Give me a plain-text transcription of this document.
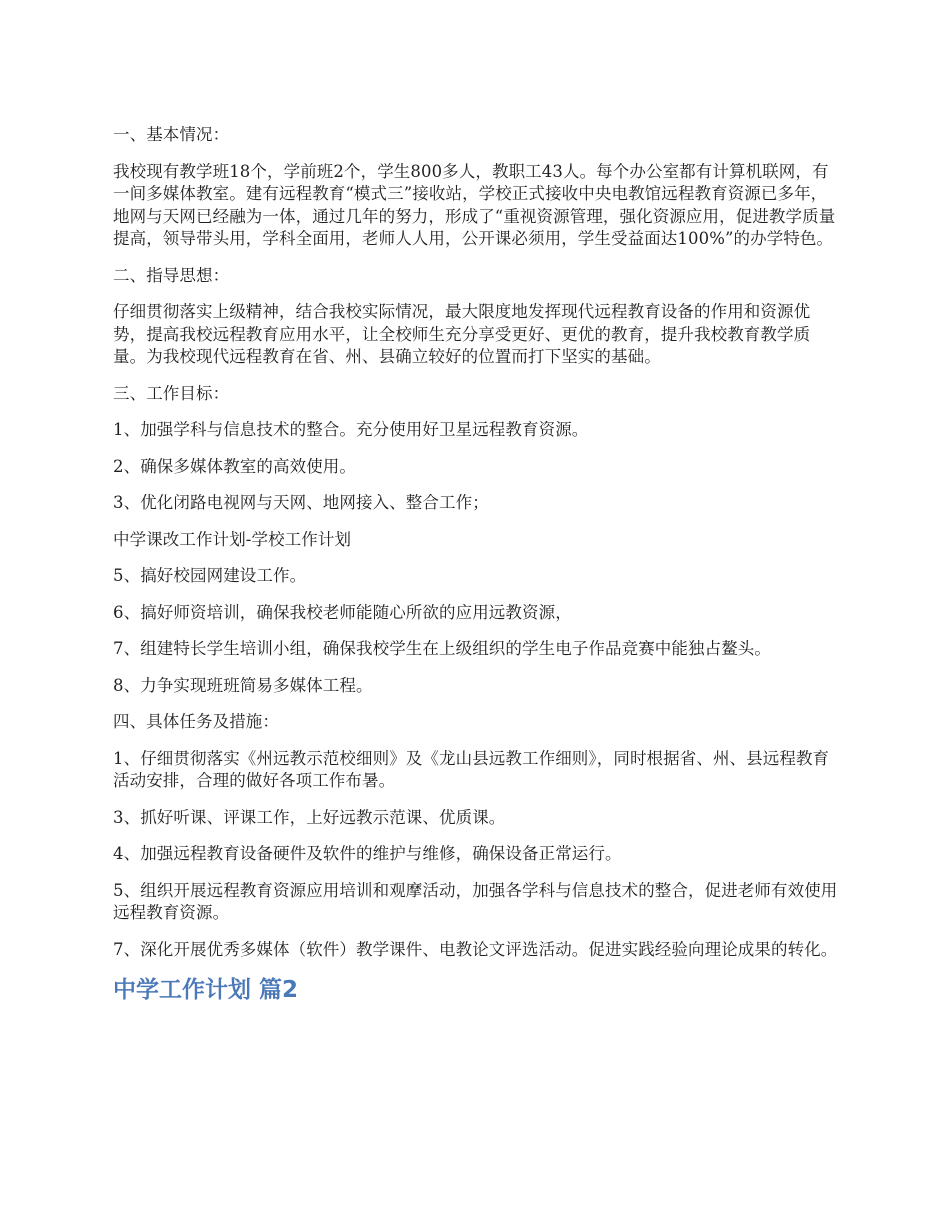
一、基本情况：

我校现有教学班18个，学前班2个，学生800多人，教职工43人。每个办公室都有计算机联网，有一间多媒体教室。建有远程教育“模式三”接收站，学校正式接收中央电教馆远程教育资源已多年，地网与天网已经融为一体，通过几年的努力，形成了“重视资源管理，强化资源应用，促进教学质量提高，领导带头用，学科全面用，老师人人用，公开课必须用，学生受益面达100%”的办学特色。

二、指导思想：

仔细贯彻落实上级精神，结合我校实际情况，最大限度地发挥现代远程教育设备的作用和资源优势，提高我校远程教育应用水平，让全校师生充分享受更好、更优的教育，提升我校教育教学质量。为我校现代远程教育在省、州、县确立较好的位置而打下坚实的基础。

三、工作目标：

1、加强学科与信息技术的整合。充分使用好卫星远程教育资源。

2、确保多媒体教室的高效使用。

3、优化闭路电视网与天网、地网接入、整合工作；

中学课改工作计划-学校工作计划

5、搞好校园网建设工作。

6、搞好师资培训，确保我校老师能随心所欲的应用远教资源，

7、组建特长学生培训小组，确保我校学生在上级组织的学生电子作品竞赛中能独占鳌头。

8、力争实现班班简易多媒体工程。

四、具体任务及措施：

1、仔细贯彻落实《州远教示范校细则》及《龙山县远教工作细则》，同时根据省、州、县远程教育活动安排，合理的做好各项工作布暑。

3、抓好听课、评课工作，上好远教示范课、优质课。

4、加强远程教育设备硬件及软件的维护与维修，确保设备正常运行。

5、组织开展远程教育资源应用培训和观摩活动，加强各学科与信息技术的整合，促进老师有效使用远程教育资源。

7、深化开展优秀多媒体（软件）教学课件、电教论文评选活动。促进实践经验向理论成果的转化。

中学工作计划 篇2
